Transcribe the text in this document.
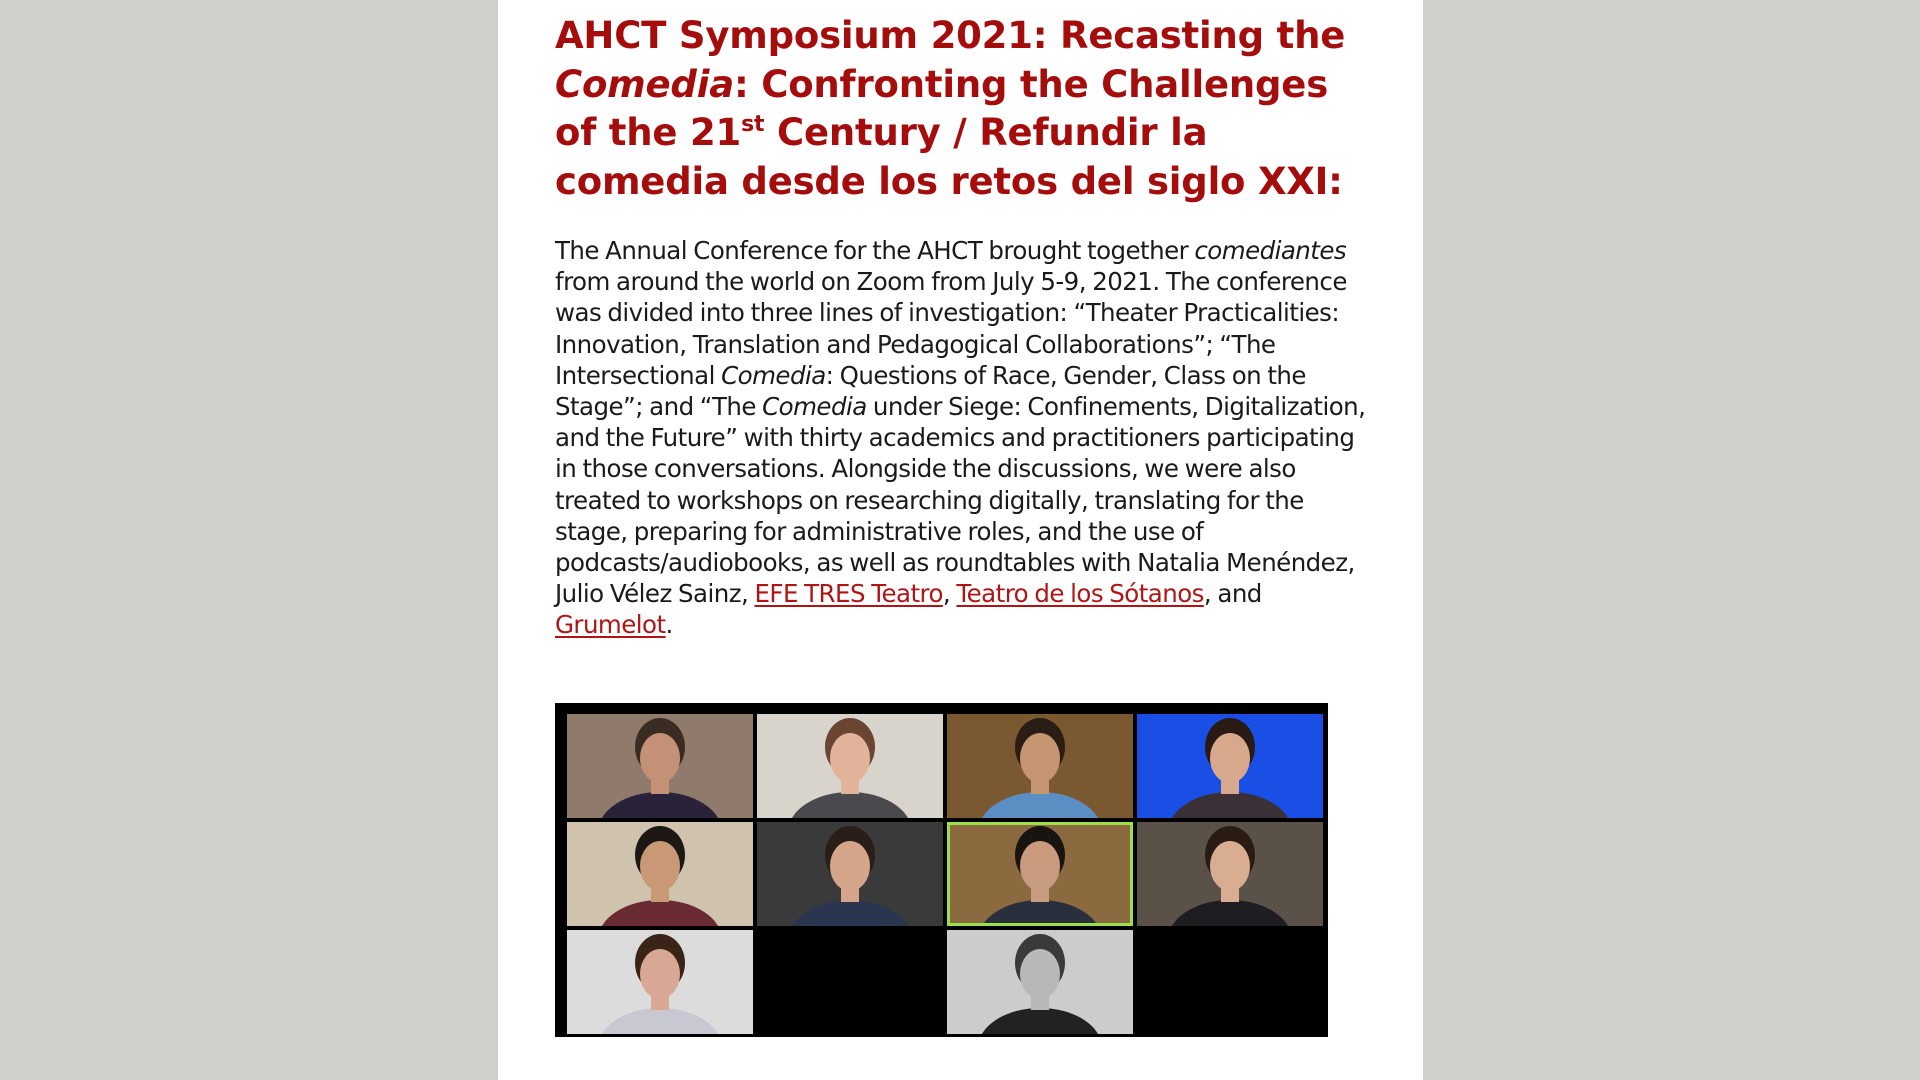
AHCT Symposium 2021: Recasting the Comedia: Confronting the Challenges of the 21st Century / Refundir la comedia desde los retos del siglo XXI:

The Annual Conference for the AHCT brought together comediantes from around the world on Zoom from July 5-9, 2021. The conference was divided into three lines of investigation: “Theater Practicalities: Innovation, Translation and Pedagogical Collaborations”; “The Intersectional Comedia: Questions of Race, Gender, Class on the Stage”; and “The Comedia under Siege: Confinements, Digitalization, and the Future” with thirty academics and practitioners participating in those conversations. Alongside the discussions, we were also treated to workshops on researching digitally, translating for the stage, preparing for administrative roles, and the use of podcasts/audiobooks, as well as roundtables with Natalia Menéndez, Julio Vélez Sainz, EFE TRES Teatro, Teatro de los Sótanos, and Grumelot.
